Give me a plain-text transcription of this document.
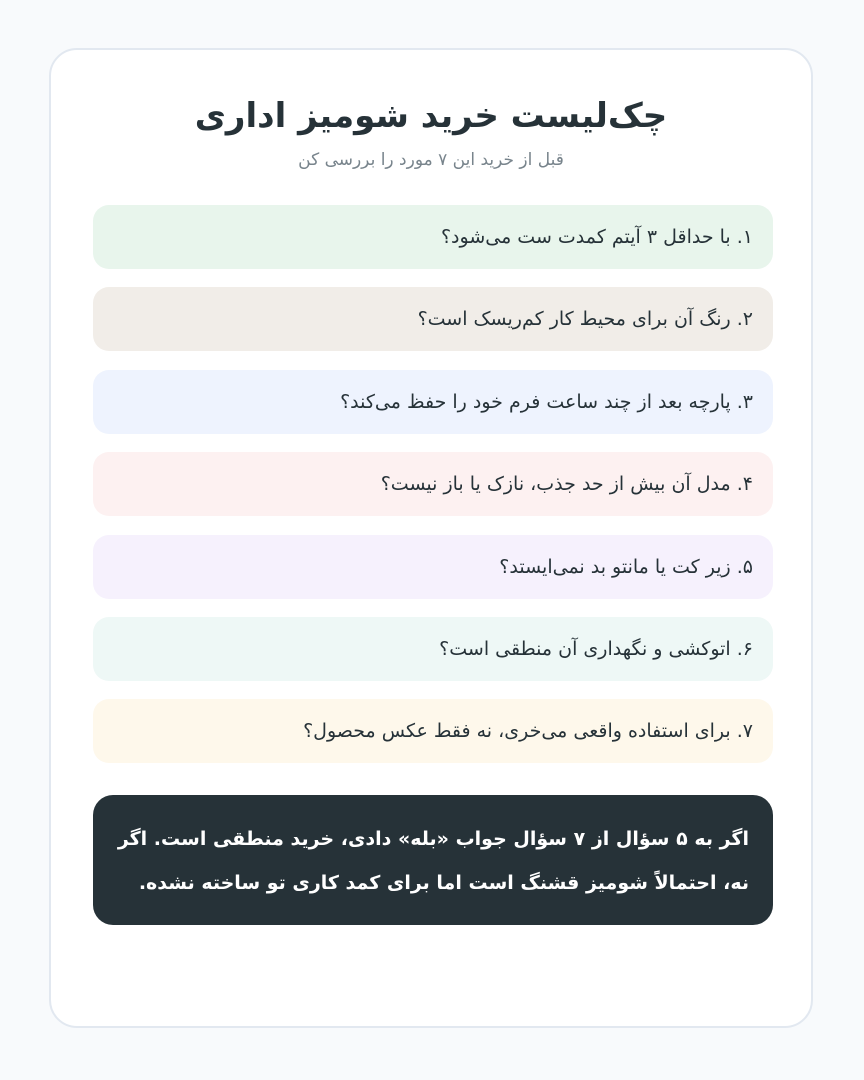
چک‌لیست خرید شومیز اداری
قبل از خرید این ۷ مورد را بررسی کن
۱. با حداقل ۳ آیتم کمدت ست می‌شود؟
۲. رنگ آن برای محیط کار کم‌ریسک است؟
۳. پارچه بعد از چند ساعت فرم خود را حفظ می‌کند؟
۴. مدل آن بیش از حد جذب، نازک یا باز نیست؟
۵. زیر کت یا مانتو بد نمی‌ایستد؟
۶. اتوکشی و نگهداری آن منطقی است؟
۷. برای استفاده واقعی می‌خری، نه فقط عکس محصول؟

اگر به ۵ سؤال از ۷ سؤال جواب «بله» دادی، خرید منطقی است. اگر نه، احتمالاً شومیز قشنگ است اما برای کمد کاری تو ساخته نشده.
